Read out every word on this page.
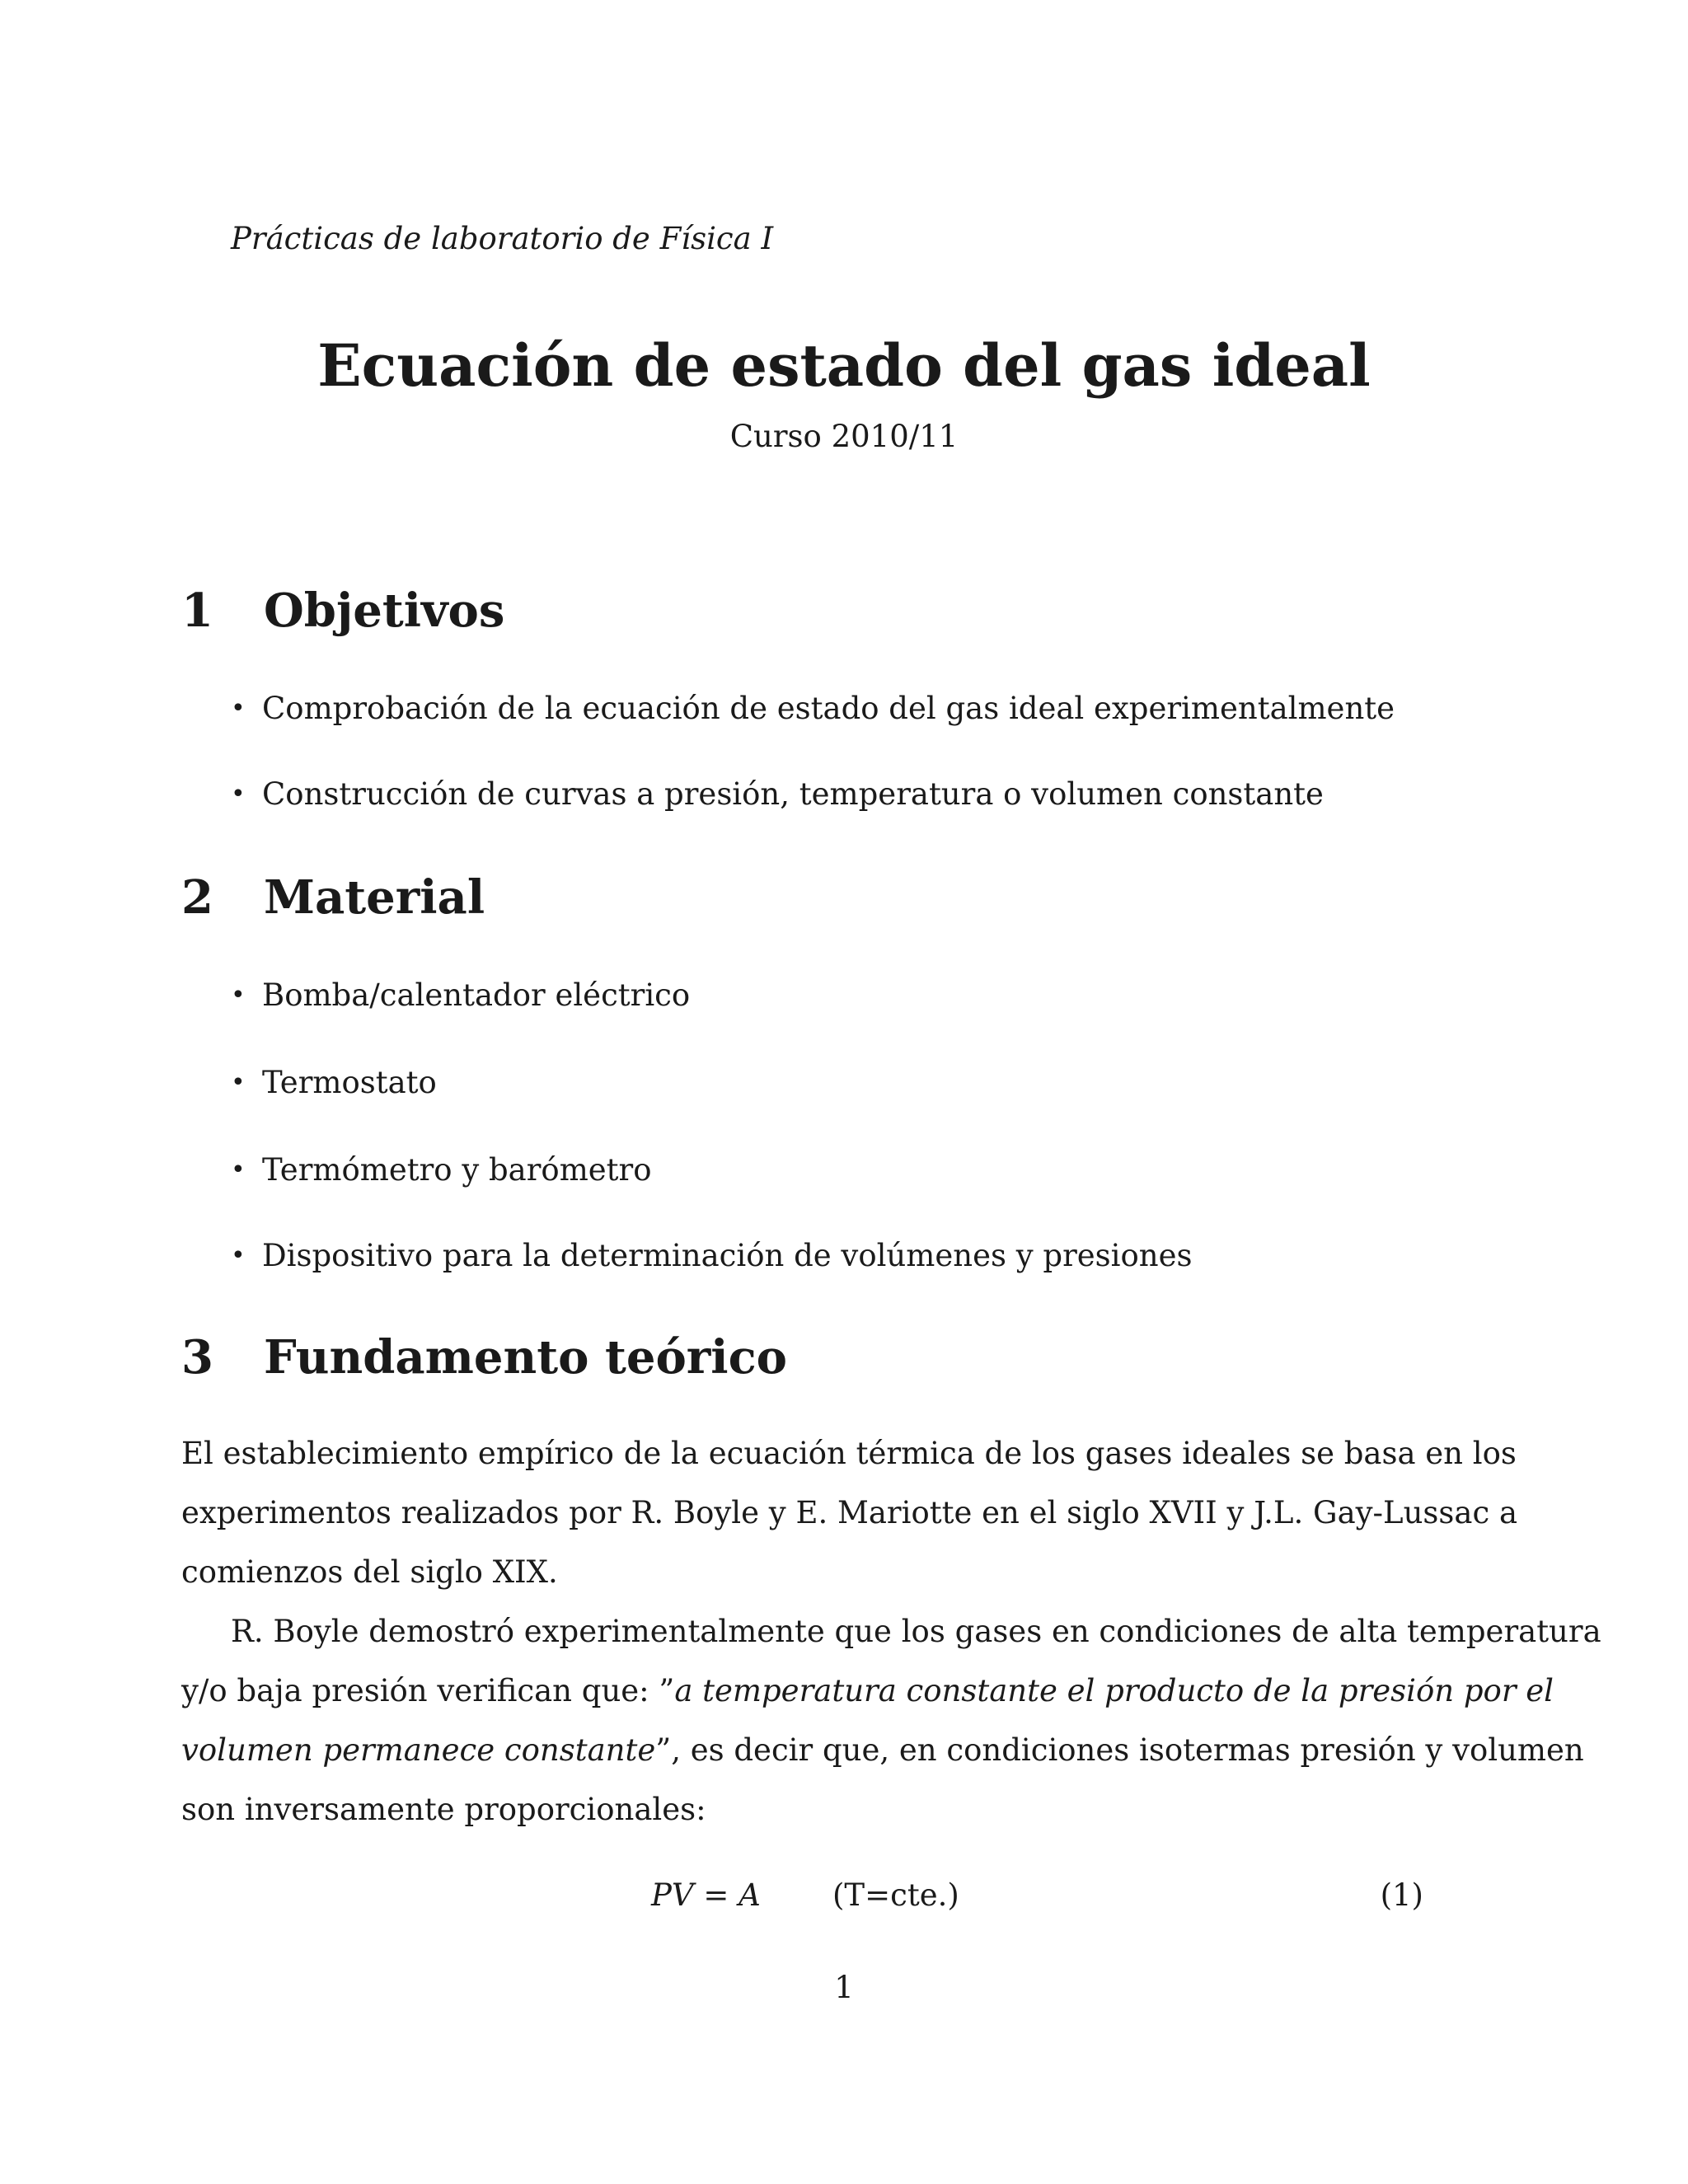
Prácticas de laboratorio de Física I
Ecuación de estado del gas ideal
Curso 2010/11
1 Objetivos
• Comprobación de la ecuación de estado del gas ideal experimentalmente
• Construcción de curvas a presión, temperatura o volumen constante
2 Material
• Bomba/calentador eléctrico
• Termostato
• Termómetro y barómetro
• Dispositivo para la determinación de volúmenes y presiones
3 Fundamento teórico
El establecimiento empírico de la ecuación térmica de los gases ideales se basa en los
experimentos realizados por R. Boyle y E. Mariotte en el siglo XVII y J.L. Gay-Lussac a
comienzos del siglo XIX.
R. Boyle demostró experimentalmente que los gases en condiciones de alta temperatura
y/o baja presión verifican que: ”a temperatura constante el producto de la presión por el
volumen permanece constante”, es decir que, en condiciones isotermas presión y volumen
son inversamente proporcionales:
PV = A (T=cte.)	(1)
1
